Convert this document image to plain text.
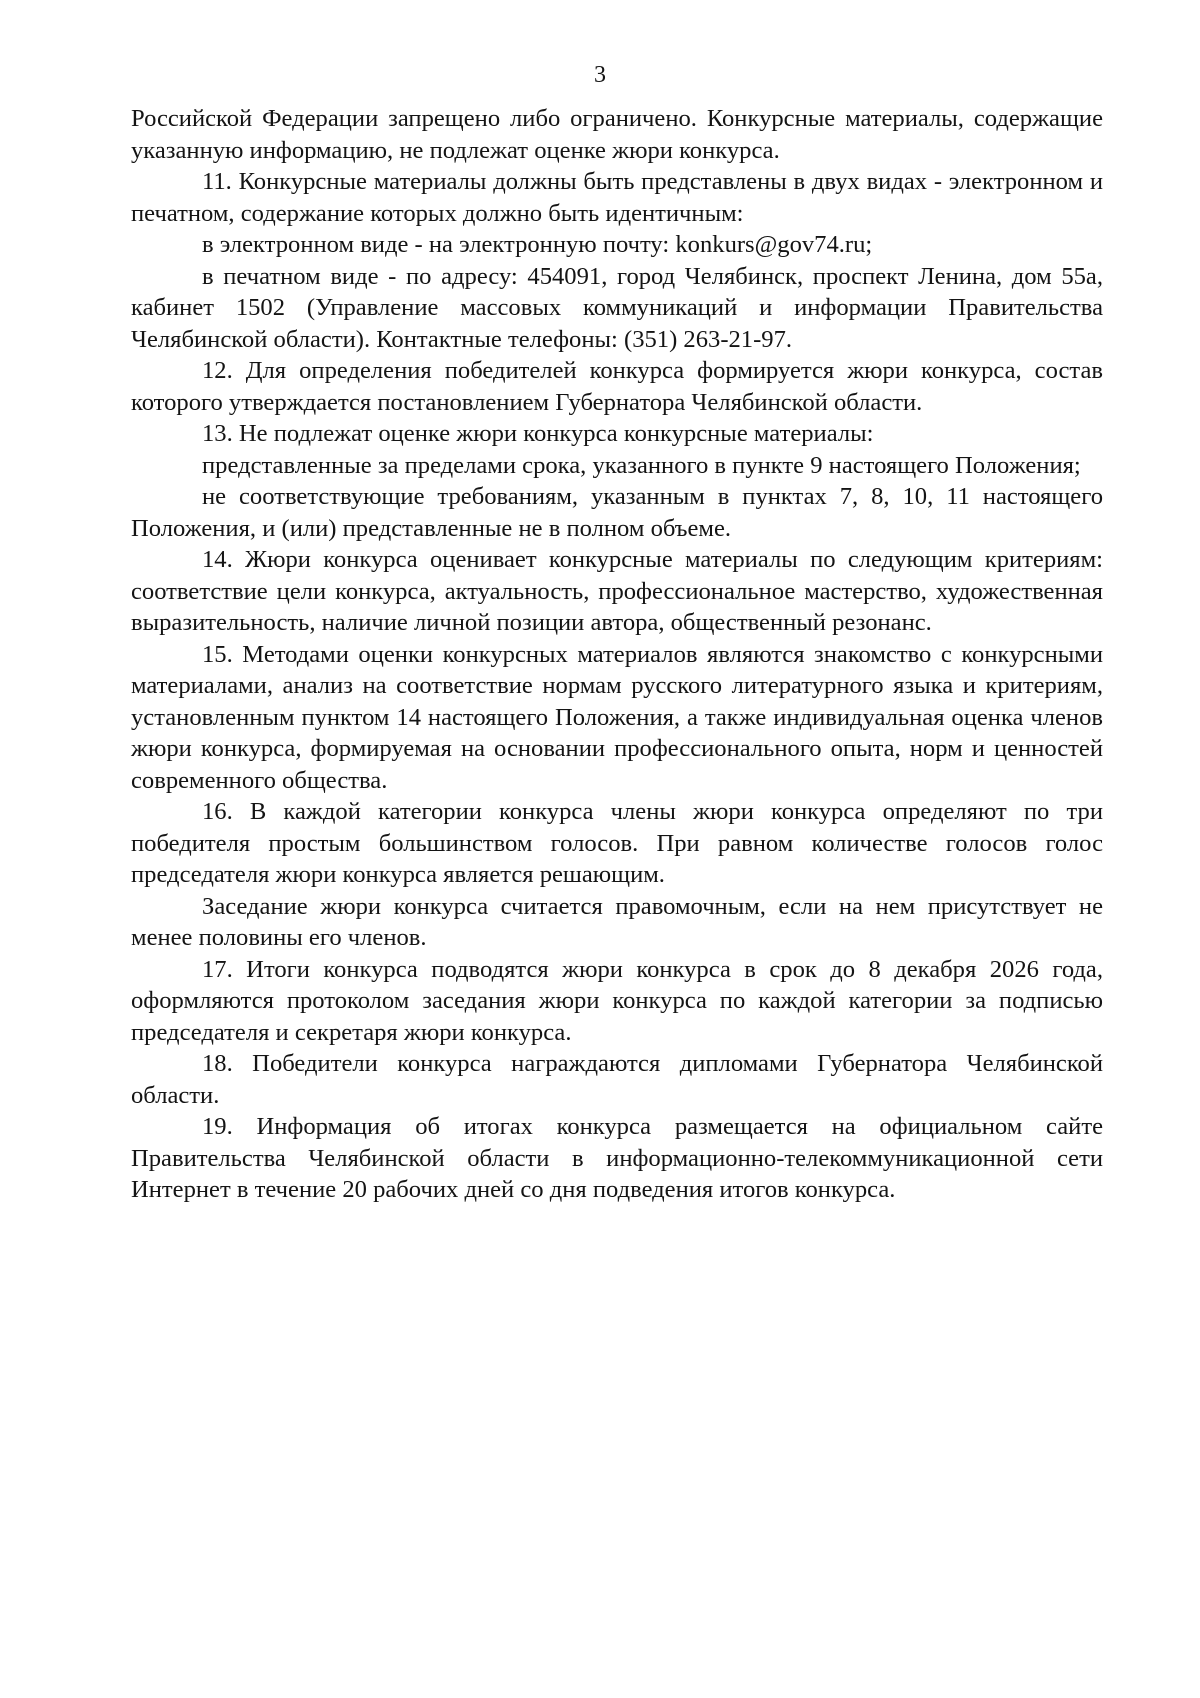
3

Российской Федерации запрещено либо ограничено. Конкурсные материалы, содержащие указанную информацию, не подлежат оценке жюри конкурса.

11. Конкурсные материалы должны быть представлены в двух видах - электронном и печатном, содержание которых должно быть идентичным:

в электронном виде - на электронную почту: konkurs@gov74.ru;

в печатном виде - по адресу: 454091, город Челябинск, проспект Ленина, дом 55а, кабинет 1502 (Управление массовых коммуникаций и информации Правительства Челябинской области). Контактные телефоны: (351) 263-21-97.

12. Для определения победителей конкурса формируется жюри конкурса, состав которого утверждается постановлением Губернатора Челябинской области.

13. Не подлежат оценке жюри конкурса конкурсные материалы:

представленные за пределами срока, указанного в пункте 9 настоящего Положения;

не соответствующие требованиям, указанным в пунктах 7, 8, 10, 11 настоящего Положения, и (или) представленные не в полном объеме.

14. Жюри конкурса оценивает конкурсные материалы по следующим критериям: соответствие цели конкурса, актуальность, профессиональное мастерство, художественная выразительность, наличие личной позиции автора, общественный резонанс.

15. Методами оценки конкурсных материалов являются знакомство с конкурсными материалами, анализ на соответствие нормам русского литературного языка и критериям, установленным пунктом 14 настоящего Положения, а также индивидуальная оценка членов жюри конкурса, формируемая на основании профессионального опыта, норм и ценностей современного общества.

16. В каждой категории конкурса члены жюри конкурса определяют по три победителя простым большинством голосов. При равном количестве голосов голос председателя жюри конкурса является решающим.

Заседание жюри конкурса считается правомочным, если на нем присутствует не менее половины его членов.

17. Итоги конкурса подводятся жюри конкурса в срок до 8 декабря 2026 года, оформляются протоколом заседания жюри конкурса по каждой категории за подписью председателя и секретаря жюри конкурса.

18. Победители конкурса награждаются дипломами Губернатора Челябинской области.

19. Информация об итогах конкурса размещается на официальном сайте Правительства Челябинской области в информационно-телекоммуникационной сети Интернет в течение 20 рабочих дней со дня подведения итогов конкурса.
